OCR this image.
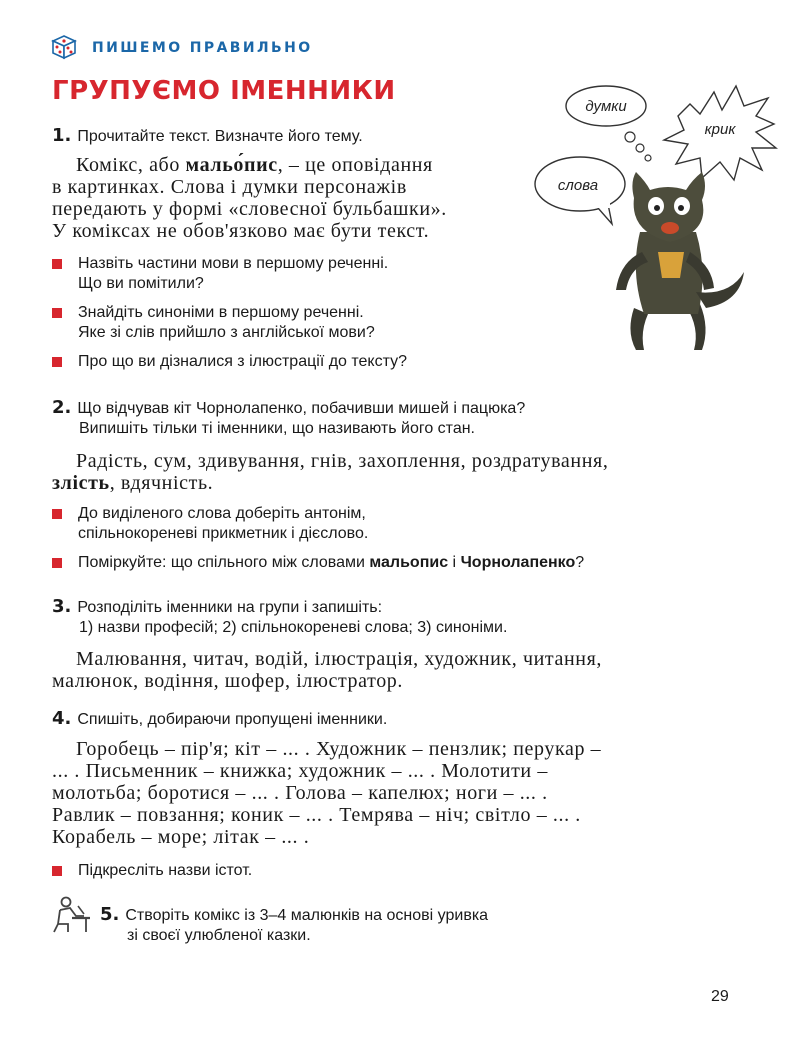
ПИШЕМО ПРАВИЛЬНО
ГРУПУЄМО ІМЕННИКИ
думки
крик
слова
1. Прочитайте текст. Визначте його тему.
Комікс, або мальо́пис, – це оповідання
в картинках. Слова і думки персонажів
передають у формі «словесної бульбашки».
У коміксах не обов'язково має бути текст.
Назвіть частини мови в першому реченні.
Що ви помітили?
Знайдіть синоніми в першому реченні.
Яке зі слів прийшло з англійської мови?
Про що ви дізналися з ілюстрації до тексту?
2. Що відчував кіт Чорнолапенко, побачивши мишей і пацюка?
Випишіть тільки ті іменники, що називають його стан.
Радість, сум, здивування, гнів, захоплення, роздратування,
злість, вдячність.
До виділеного слова доберіть антонім,
спільнокореневі прикметник і дієслово.
Поміркуйте: що спільного між словами мальопис і Чорнолапенко?
3. Розподіліть іменники на групи і запишіть:
1) назви професій; 2) спільнокореневі слова; 3) синоніми.
Малювання, читач, водій, ілюстрація, художник, читання,
малюнок, водіння, шофер, ілюстратор.
4. Спишіть, добираючи пропущені іменники.
Горобець – пір'я; кіт – ... . Художник – пензлик; перукар –
... . Письменник – книжка; художник – ... . Молотити –
молотьба; боротися – ... . Голова – капелюх; ноги – ... .
Равлик – повзання; коник – ... . Темрява – ніч; світло – ... .
Корабель – море; літак – ... .
Підкресліть назви істот.
5. Створіть комікс із 3–4 малюнків на основі уривка
зі своєї улюбленої казки.
29
